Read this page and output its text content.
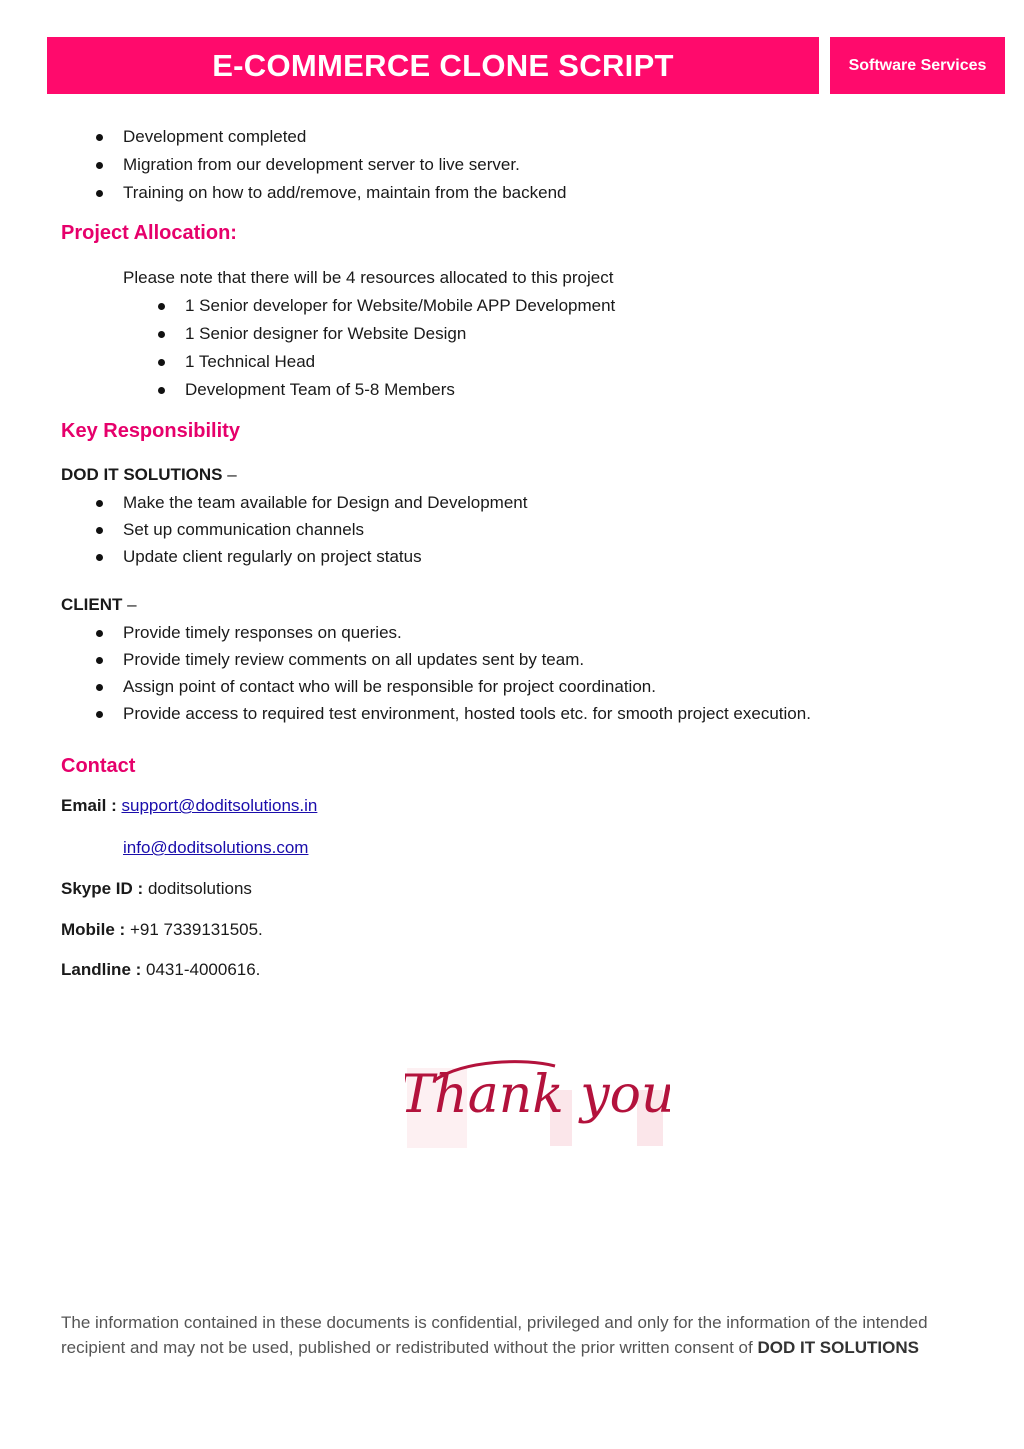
E-COMMERCE CLONE SCRIPT	Software Services
Development completed
Migration from our development server to live server.
Training on how to add/remove, maintain from the backend
Project Allocation:
Please note that there will be 4 resources allocated to this project
1 Senior developer for Website/Mobile APP Development
1 Senior designer for Website Design
1 Technical Head
Development Team of 5-8 Members
Key Responsibility
DOD IT SOLUTIONS –
Make the team available for Design and Development
Set up communication channels
Update client regularly on project status
CLIENT –
Provide timely responses on queries.
Provide timely review comments on all updates sent by team.
Assign point of contact who will be responsible for project coordination.
Provide access to required test environment, hosted tools etc. for smooth project execution.
Contact
Email : support@doditsolutions.in
info@doditsolutions.com
Skype ID : doditsolutions
Mobile : +91 7339131505.
Landline : 0431-4000616.
Thank you
The information contained in these documents is confidential, privileged and only for the information of the intended recipient and may not be used, published or redistributed without the prior written consent of DOD IT SOLUTIONS
